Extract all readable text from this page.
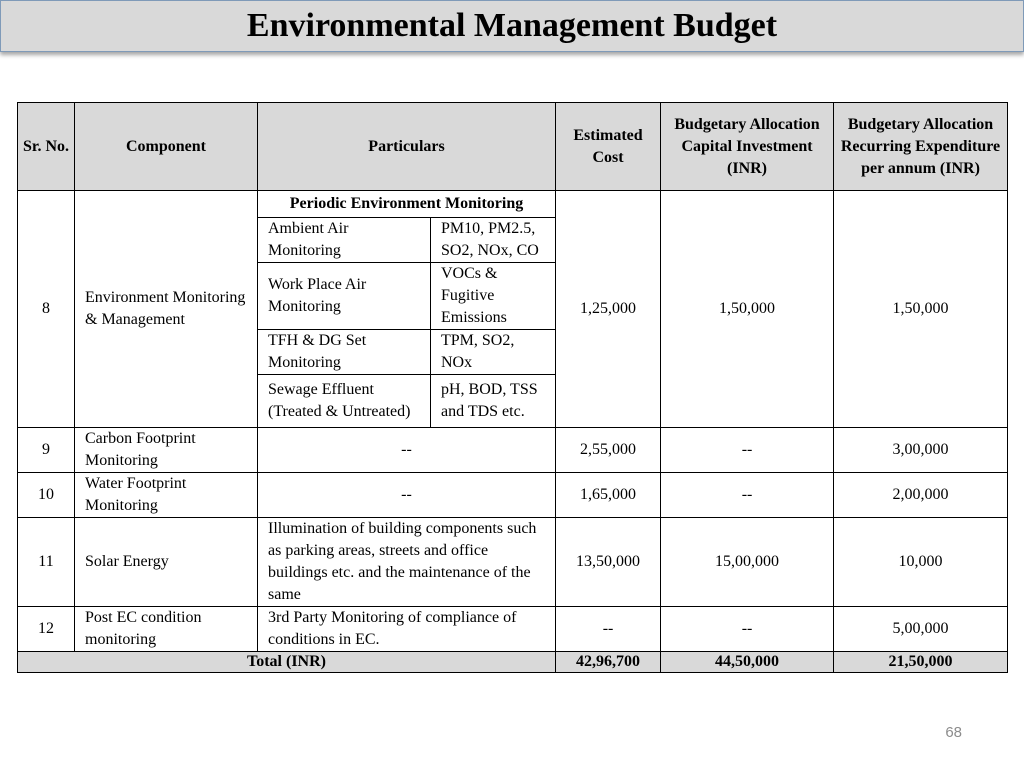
Environmental Management Budget
Sr. No.	Component	Particulars		Estimated Cost	Budgetary Allocation Capital Investment (INR)	Budgetary Allocation Recurring Expenditure per annum (INR)
8	Environment Monitoring & Management	Periodic Environment Monitoring		1,25,000	1,50,000	1,50,000
		Ambient Air Monitoring	PM10, PM2.5, SO2, NOx, CO			
		Work Place Air Monitoring	VOCs & Fugitive Emissions			
		TFH & DG Set Monitoring	TPM, SO2, NOx			
		Sewage Effluent (Treated & Untreated)	pH, BOD, TSS and TDS etc.			
9	Carbon Footprint Monitoring	--		2,55,000	--	3,00,000
10	Water Footprint Monitoring	--		1,65,000	--	2,00,000
11	Solar Energy	Illumination of building components such as parking areas, streets and office buildings etc. and the maintenance of the same		13,50,000	15,00,000	10,000
12	Post EC condition monitoring	3rd Party Monitoring of compliance of conditions in EC.		--	--	5,00,000
Total (INR)				42,96,700	44,50,000	21,50,000
68
